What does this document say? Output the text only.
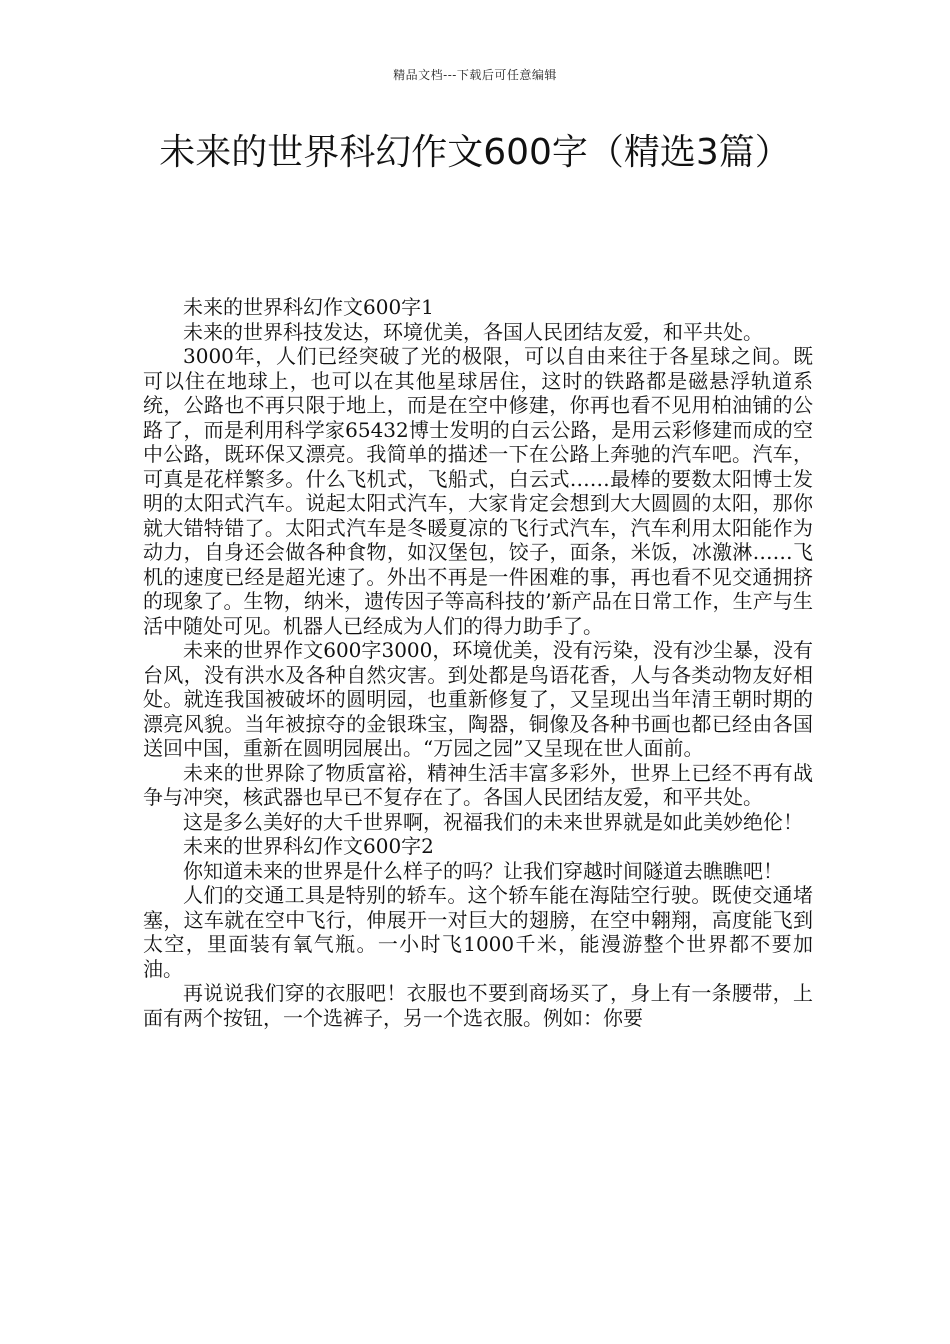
精品文档---下载后可任意编辑
未来的世界科幻作文600字（精选3篇）

未来的世界科幻作文600字1

未来的世界科技发达，环境优美，各国人民团结友爱，和平共处。

3000年，人们已经突破了光的极限，可以自由来往于各星球之间。既可以住在地球上，也可以在其他星球居住，这时的铁路都是磁悬浮轨道系统，公路也不再只限于地上，而是在空中修建，你再也看不见用柏油铺的公路了，而是利用科学家65432博士发明的白云公路，是用云彩修建而成的空中公路，既环保又漂亮。我简单的描述一下在公路上奔驰的汽车吧。汽车，可真是花样繁多。什么飞机式，飞船式，白云式……最棒的要数太阳博士发明的太阳式汽车。说起太阳式汽车，大家肯定会想到大大圆圆的太阳，那你就大错特错了。太阳式汽车是冬暖夏凉的飞行式汽车，汽车利用太阳能作为动力，自身还会做各种食物，如汉堡包，饺子，面条，米饭，冰激淋……飞机的速度已经是超光速了。外出不再是一件困难的事，再也看不见交通拥挤的现象了。生物，纳米，遗传因子等高科技的’新产品在日常工作，生产与生活中随处可见。机器人已经成为人们的得力助手了。

未来的世界作文600字3000，环境优美，没有污染，没有沙尘暴，没有台风，没有洪水及各种自然灾害。到处都是鸟语花香，人与各类动物友好相处。就连我国被破坏的圆明园，也重新修复了，又呈现出当年清王朝时期的漂亮风貌。当年被掠夺的金银珠宝，陶器，铜像及各种书画也都已经由各国送回中国，重新在圆明园展出。“万园之园”又呈现在世人面前。

未来的世界除了物质富裕，精神生活丰富多彩外，世界上已经不再有战争与冲突，核武器也早已不复存在了。各国人民团结友爱，和平共处。

这是多么美好的大千世界啊，祝福我们的未来世界就是如此美妙绝伦！

未来的世界科幻作文600字2

你知道未来的世界是什么样子的吗？让我们穿越时间隧道去瞧瞧吧！

人们的交通工具是特别的轿车。这个轿车能在海陆空行驶。既使交通堵塞，这车就在空中飞行，伸展开一对巨大的翅膀，在空中翱翔，高度能飞到太空，里面装有氧气瓶。一小时飞1000千米，能漫游整个世界都不要加油。

再说说我们穿的衣服吧！衣服也不要到商场买了，身上有一条腰带，上面有两个按钮，一个选裤子，另一个选衣服。例如：你要
